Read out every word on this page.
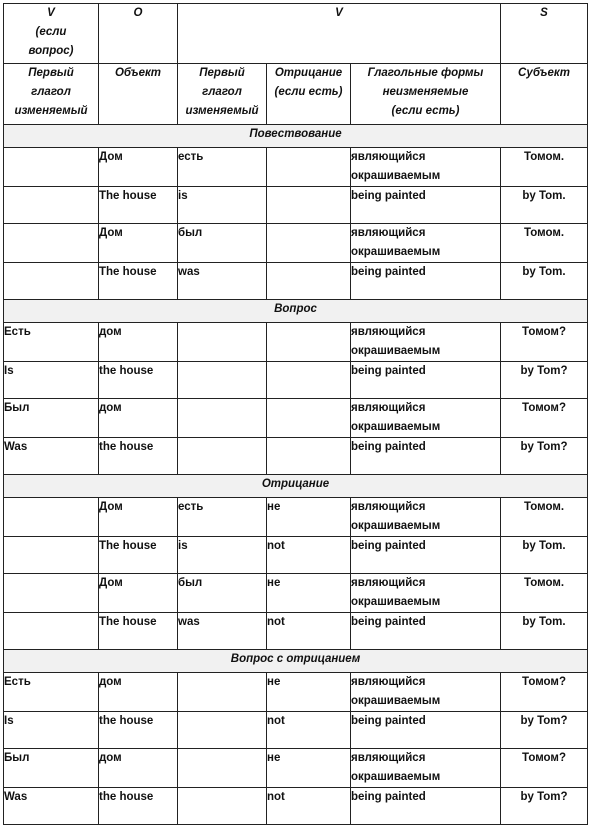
V
(если
вопрос)	O	V			S
Первый
глагол
изменяемый	Объект	Первый
глагол
изменяемый	Отрицание
(если есть)	Глагольные формы
неизменяемые
(если есть)	Субъект
Повествование					
	Дом	есть		являющийся
окрашиваемым	Томом.
	The house	is		being painted	by Tom.
	Дом	был		являющийся
окрашиваемым	Томом.
	The house	was		being painted	by Tom.
Вопрос					
Есть	дом			являющийся
окрашиваемым	Томом?
Is	the house			being painted	by Tom?
Был	дом			являющийся
окрашиваемым	Томом?
Was	the house			being painted	by Tom?
Отрицание					
	Дом	есть	не	являющийся
окрашиваемым	Томом.
	The house	is	not	being painted	by Tom.
	Дом	был	не	являющийся
окрашиваемым	Томом.
	The house	was	not	being painted	by Tom.
Вопрос с отрицанием					
Есть	дом		не	являющийся
окрашиваемым	Томом?
Is	the house		not	being painted	by Tom?
Был	дом		не	являющийся
окрашиваемым	Томом?
Was	the house		not	being painted	by Tom?
